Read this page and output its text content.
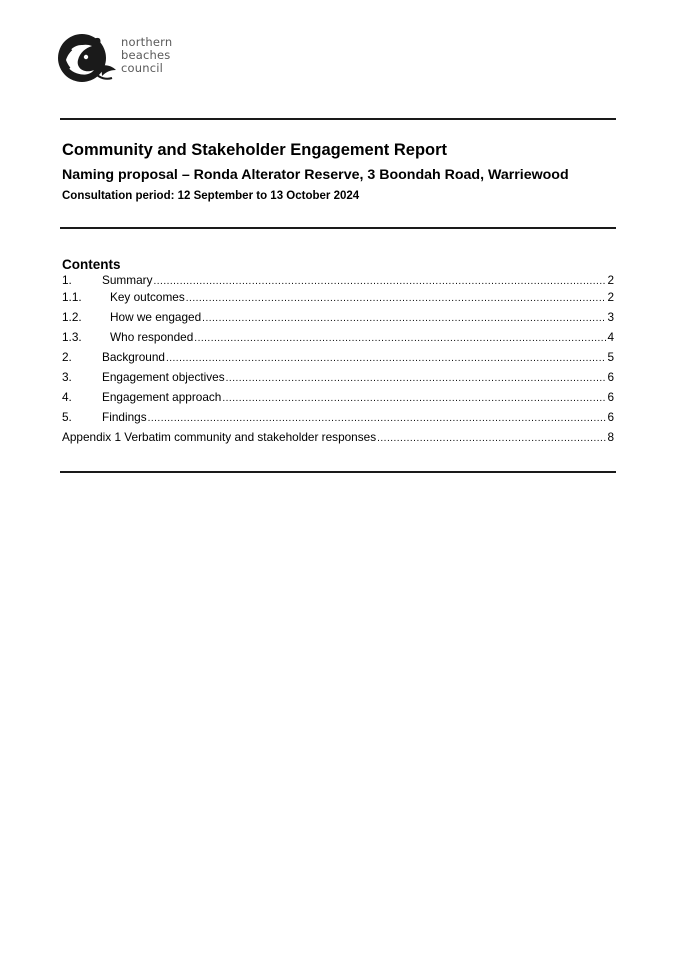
northern
beaches
council
Community and Stakeholder Engagement Report
Naming proposal – Ronda Alterator Reserve, 3 Boondah Road, Warriewood
Consultation period: 12 September to 13 October 2024
Contents
1.	Summary .....	2
1.1.	Key outcomes .....	2
1.2.	How we engaged .....	3
1.3.	Who responded .....	4
2.	Background .....	5
3.	Engagement objectives .....	6
4.	Engagement approach .....	6
5.	Findings .....	6
Appendix 1 Verbatim community and stakeholder responses .....	8
